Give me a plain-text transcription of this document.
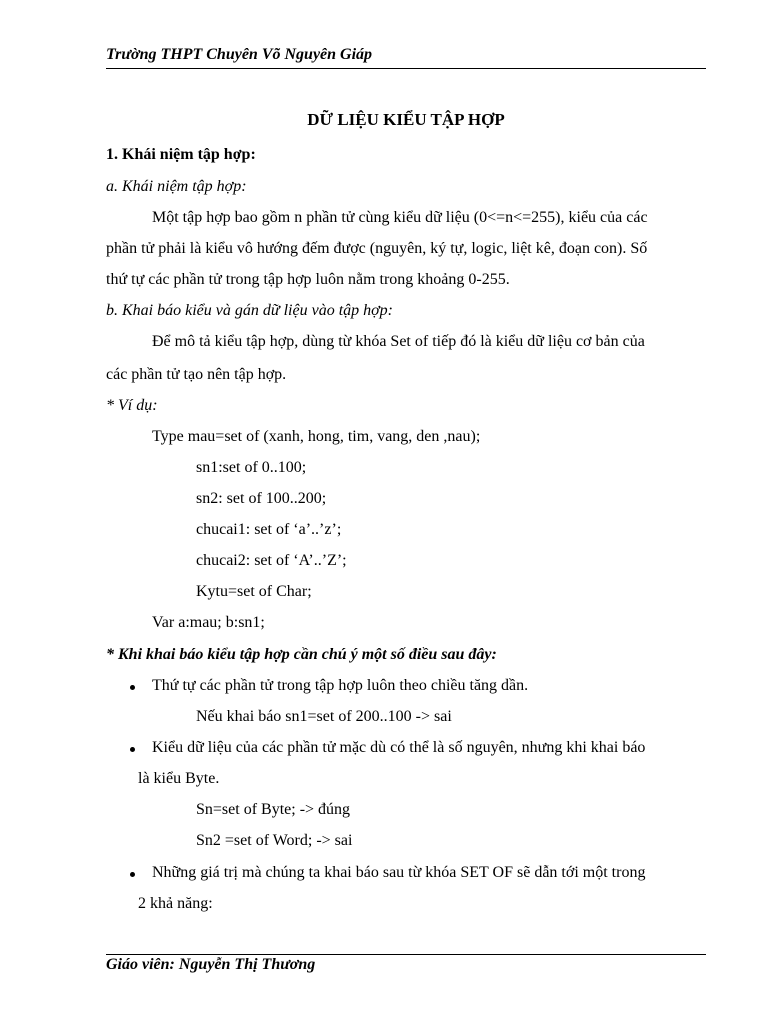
Trường THPT Chuyên Võ Nguyên Giáp
DỮ LIỆU KIỂU TẬP HỢP
1. Khái niệm tập hợp:
a. Khái niệm tập hợp:
Một tập hợp bao gồm n phần tử cùng kiểu dữ liệu (0<=n<=255), kiểu của các
phần tử phải là kiểu vô hướng đếm được (nguyên, ký tự, logic, liệt kê, đoạn con). Số
thứ tự các phần tử trong tập hợp luôn nằm trong khoảng 0-255.
b. Khai báo kiểu và gán dữ liệu vào tập hợp:
Để mô tả kiểu tập hợp, dùng từ khóa Set of tiếp đó là kiểu dữ liệu cơ bản của
các phần tử tạo nên tập hợp.
* Ví dụ:
Type mau=set of (xanh, hong, tim, vang, den ,nau);
sn1:set of 0..100;
sn2: set of 100..200;
chucai1: set of ‘a’..’z’;
chucai2: set of ‘A’..’Z’;
Kytu=set of Char;
Var a:mau; b:sn1;
* Khi khai báo kiểu tập hợp cần chú ý một số điều sau đây:
Thứ tự các phần tử trong tập hợp luôn theo chiều tăng dần.
Nếu khai báo sn1=set of 200..100 -> sai
Kiểu dữ liệu của các phần tử mặc dù có thể là số nguyên, nhưng khi khai báo
là kiểu Byte.
Sn=set of Byte; -> đúng
Sn2 =set of Word; -> sai
Những giá trị mà chúng ta khai báo sau từ khóa SET OF sẽ dẫn tới một trong
2 khả năng:
Giáo viên: Nguyễn Thị Thương
